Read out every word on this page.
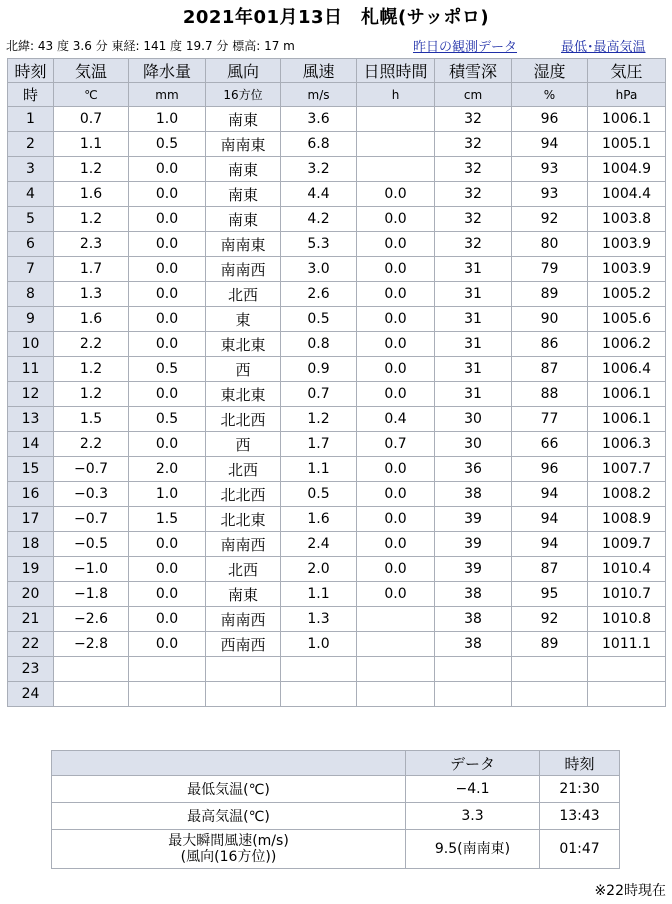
2021年01月13日　札幌(サッポロ)
北緯: 43 度 3.6 分 東経: 141 度 19.7 分 標高: 17 m	昨日の観測データ	最低･最高気温
時刻	気温	降水量	風向	風速	日照時間	積雪深	湿度	気圧
時	℃	mm	16方位	m/s	h	cm	%	hPa
1	0.7	1.0	南東	3.6		32	96	1006.1
2	1.1	0.5	南南東	6.8		32	94	1005.1
3	1.2	0.0	南東	3.2		32	93	1004.9
4	1.6	0.0	南東	4.4	0.0	32	93	1004.4
5	1.2	0.0	南東	4.2	0.0	32	92	1003.8
6	2.3	0.0	南南東	5.3	0.0	32	80	1003.9
7	1.7	0.0	南南西	3.0	0.0	31	79	1003.9
8	1.3	0.0	北西	2.6	0.0	31	89	1005.2
9	1.6	0.0	東	0.5	0.0	31	90	1005.6
10	2.2	0.0	東北東	0.8	0.0	31	86	1006.2
11	1.2	0.5	西	0.9	0.0	31	87	1006.4
12	1.2	0.0	東北東	0.7	0.0	31	88	1006.1
13	1.5	0.5	北北西	1.2	0.4	30	77	1006.1
14	2.2	0.0	西	1.7	0.7	30	66	1006.3
15	−0.7	2.0	北西	1.1	0.0	36	96	1007.7
16	−0.3	1.0	北北西	0.5	0.0	38	94	1008.2
17	−0.7	1.5	北北東	1.6	0.0	39	94	1008.9
18	−0.5	0.0	南南西	2.4	0.0	39	94	1009.7
19	−1.0	0.0	北西	2.0	0.0	39	87	1010.4
20	−1.8	0.0	南東	1.1	0.0	38	95	1010.7
21	−2.6	0.0	南南西	1.3		38	92	1010.8
22	−2.8	0.0	西南西	1.0		38	89	1011.1
23								
24								
	データ	時刻
最低気温(℃)	−4.1	21:30
最高気温(℃)	3.3	13:43
最大瞬間風速(m/s)
(風向(16方位))	9.5(南南東)	01:47
※22時現在
